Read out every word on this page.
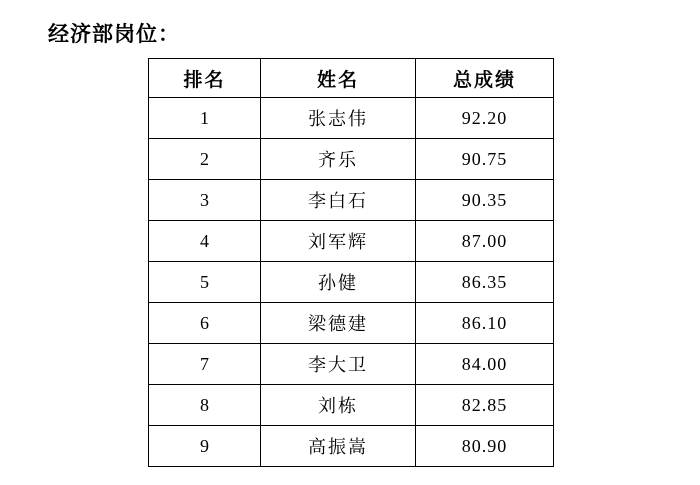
经济部岗位：
排名	姓名	总成绩
1	张志伟	92.20
2	齐乐	90.75
3	李白石	90.35
4	刘军辉	87.00
5	孙健	86.35
6	梁德建	86.10
7	李大卫	84.00
8	刘栋	82.85
9	高振嵩	80.90
